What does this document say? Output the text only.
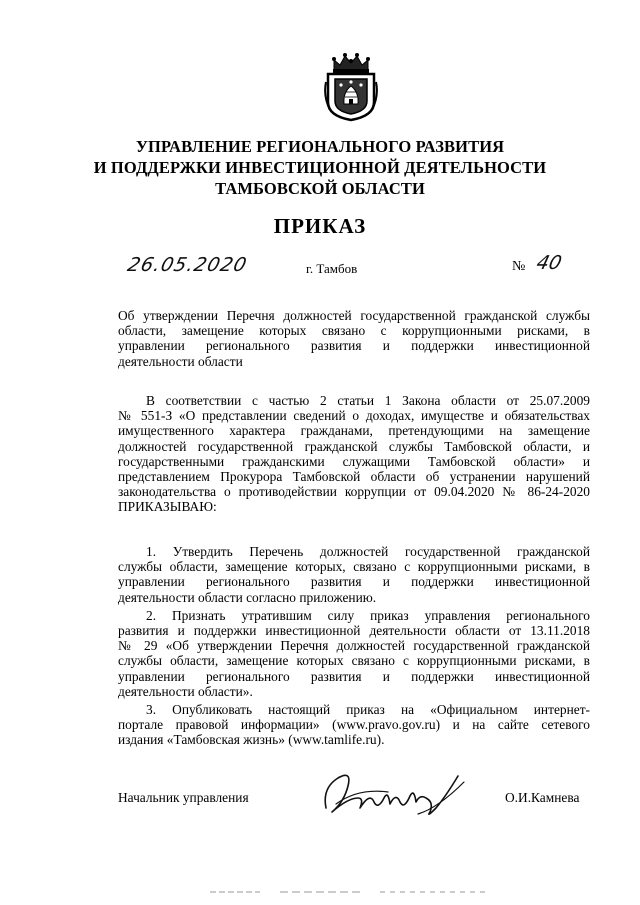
УПРАВЛЕНИЕ РЕГИОНАЛЬНОГО РАЗВИТИЯ
И ПОДДЕРЖКИ ИНВЕСТИЦИОННОЙ ДЕЯТЕЛЬНОСТИ
ТАМБОВСКОЙ ОБЛАСТИ
ПРИКАЗ
26.05.2020	г. Тамбов	№ 40
Об утверждении Перечня должностей государственной гражданской службы
области, замещение которых связано с коррупционными рисками, в
управлении регионального развития и поддержки инвестиционной
деятельности области
В соответствии с частью 2 статьи 1 Закона области от 25.07.2009
№ 551-З «О представлении сведений о доходах, имуществе и обязательствах
имущественного характера гражданами, претендующими на замещение
должностей государственной гражданской службы Тамбовской области, и
государственными гражданскими служащими Тамбовской области» и
представлением Прокурора Тамбовской области об устранении нарушений
законодательства о противодействии коррупции от 09.04.2020 № 86-24-2020
ПРИКАЗЫВАЮ:
1. Утвердить Перечень должностей государственной гражданской
службы области, замещение которых, связано с коррупционными рисками, в
управлении регионального развития и поддержки инвестиционной
деятельности области согласно приложению.
2. Признать утратившим силу приказ управления регионального
развития и поддержки инвестиционной деятельности области от 13.11.2018
№ 29 «Об утверждении Перечня должностей государственной гражданской
службы области, замещение которых связано с коррупционными рисками, в
управлении регионального развития и поддержки инвестиционной
деятельности области».
3. Опубликовать настоящий приказ на «Официальном интернет-
портале правовой информации» (www.pravo.gov.ru) и на сайте сетевого
издания «Тамбовская жизнь» (www.tamlife.ru).
Начальник управления	О.И.Камнева
